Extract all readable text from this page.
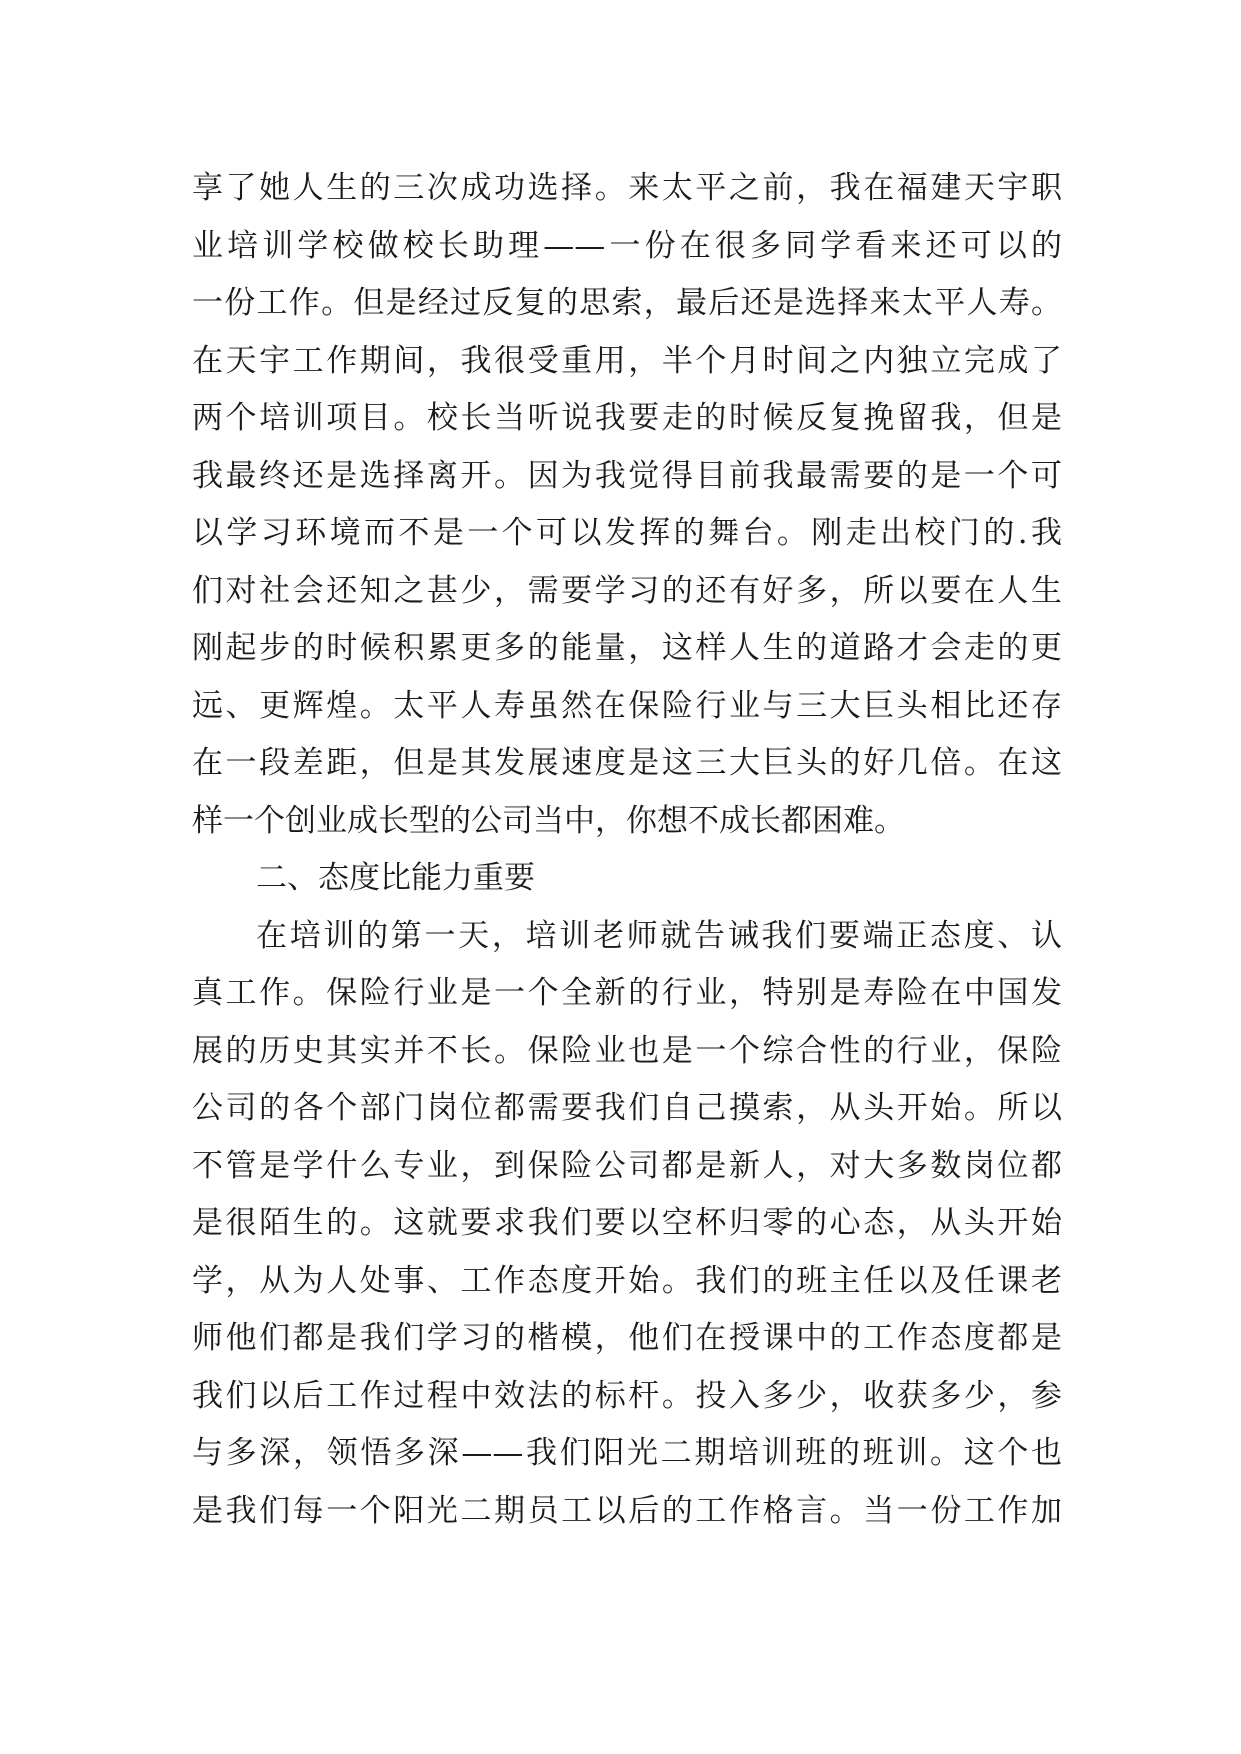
享了她人生的三次成功选择。来太平之前，我在福建天宇职
业培训学校做校长助理——一份在很多同学看来还可以的
一份工作。但是经过反复的思索，最后还是选择来太平人寿。
在天宇工作期间，我很受重用，半个月时间之内独立完成了
两个培训项目。校长当听说我要走的时候反复挽留我，但是
我最终还是选择离开。因为我觉得目前我最需要的是一个可
以学习环境而不是一个可以发挥的舞台。刚走出校门的.我
们对社会还知之甚少，需要学习的还有好多，所以要在人生
刚起步的时候积累更多的能量，这样人生的道路才会走的更
远、更辉煌。太平人寿虽然在保险行业与三大巨头相比还存
在一段差距，但是其发展速度是这三大巨头的好几倍。在这
样一个创业成长型的公司当中，你想不成长都困难。
二、态度比能力重要
在培训的第一天，培训老师就告诫我们要端正态度、认
真工作。保险行业是一个全新的行业，特别是寿险在中国发
展的历史其实并不长。保险业也是一个综合性的行业，保险
公司的各个部门岗位都需要我们自己摸索，从头开始。所以
不管是学什么专业，到保险公司都是新人，对大多数岗位都
是很陌生的。这就要求我们要以空杯归零的心态，从头开始
学，从为人处事、工作态度开始。我们的班主任以及任课老
师他们都是我们学习的楷模，他们在授课中的工作态度都是
我们以后工作过程中效法的标杆。投入多少，收获多少，参
与多深，领悟多深——我们阳光二期培训班的班训。这个也
是我们每一个阳光二期员工以后的工作格言。当一份工作加
